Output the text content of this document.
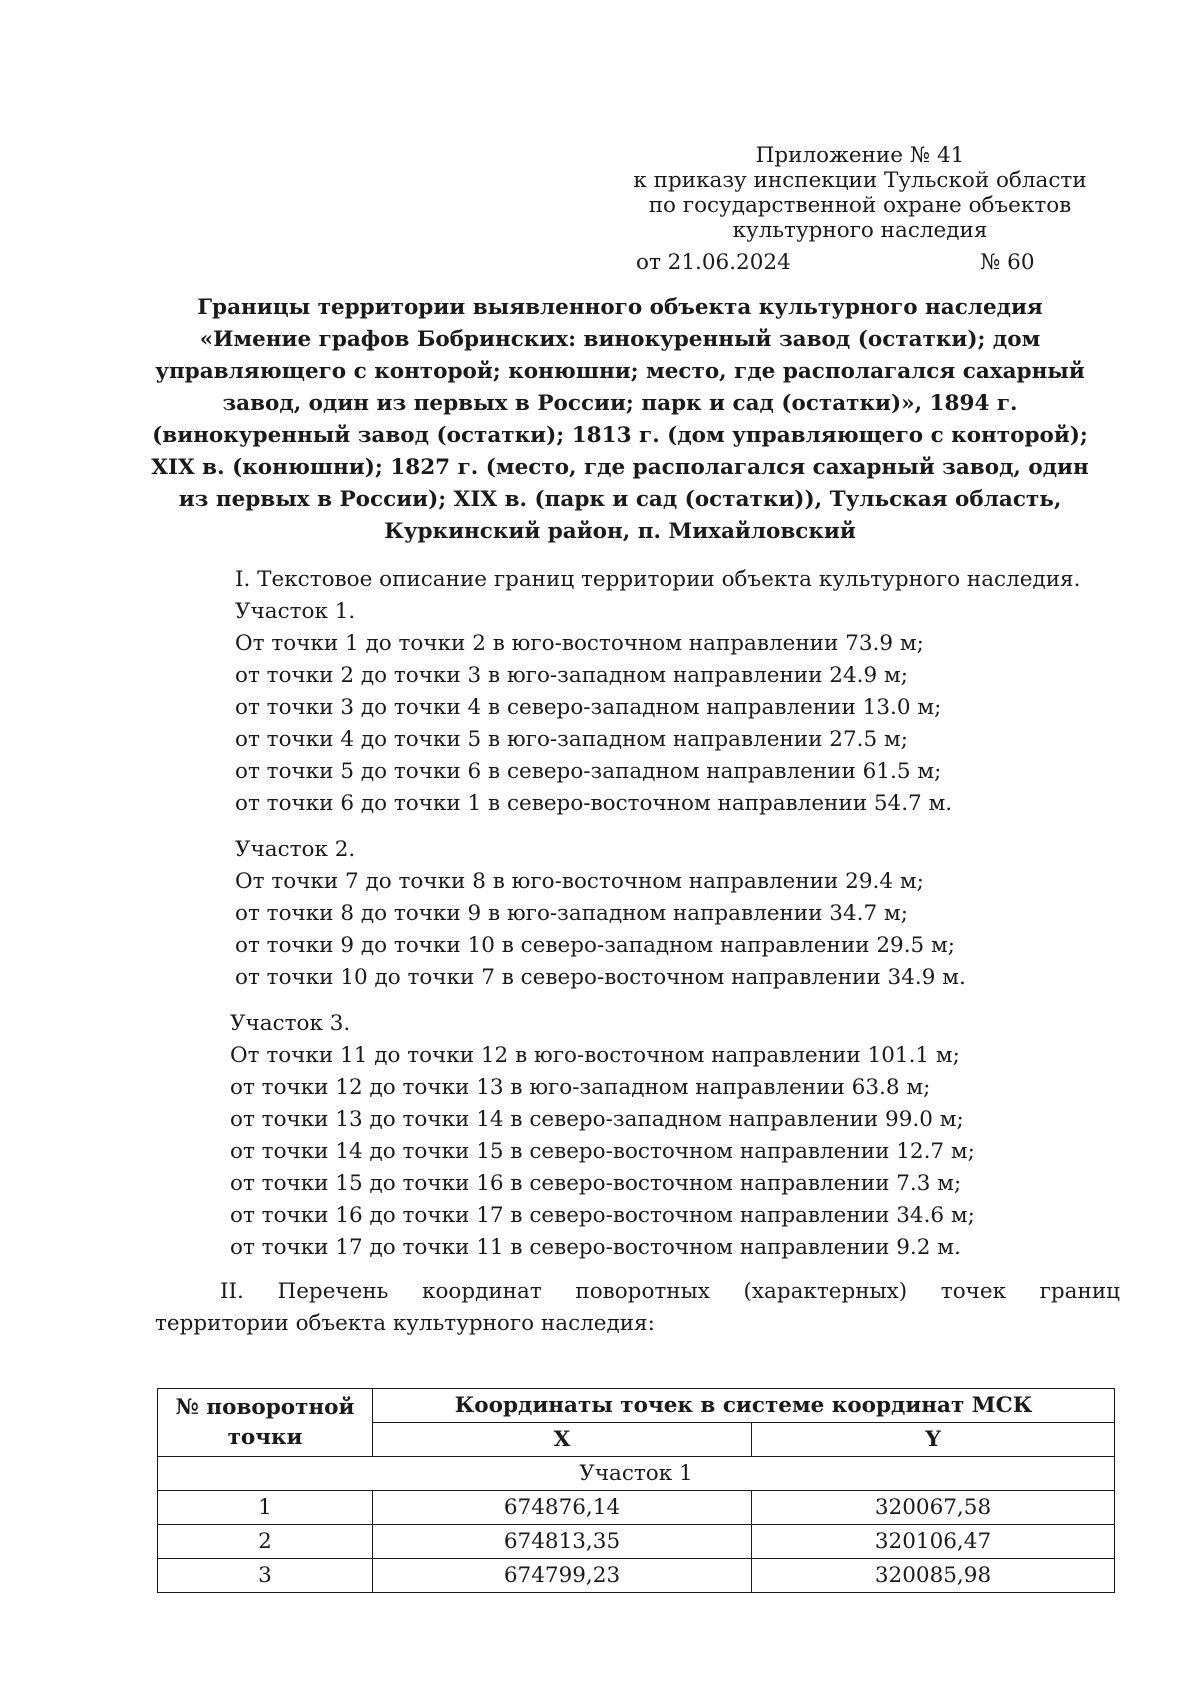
Приложение № 41
к приказу инспекции Тульской области
по государственной охране объектов
культурного наследия
от 21.06.2024	№ 60
Границы территории выявленного объекта культурного наследия
«Имение графов Бобринских: винокуренный завод (остатки); дом
управляющего с конторой; конюшни; место, где располагался сахарный
завод, один из первых в России; парк и сад (остатки)», 1894 г.
(винокуренный завод (остатки); 1813 г. (дом управляющего с конторой);
XIX в. (конюшни); 1827 г. (место, где располагался сахарный завод, один
из первых в России); XIX в. (парк и сад (остатки)), Тульская область,
Куркинский район, п. Михайловский
I. Текстовое описание границ территории объекта культурного наследия.
Участок 1.
От точки 1 до точки 2 в юго-восточном направлении 73.9 м;
от точки 2 до точки 3 в юго-западном направлении 24.9 м;
от точки 3 до точки 4 в северо-западном направлении 13.0 м;
от точки 4 до точки 5 в юго-западном направлении 27.5 м;
от точки 5 до точки 6 в северо-западном направлении 61.5 м;
от точки 6 до точки 1 в северо-восточном направлении 54.7 м.
Участок 2.
От точки 7 до точки 8 в юго-восточном направлении 29.4 м;
от точки 8 до точки 9 в юго-западном направлении 34.7 м;
от точки 9 до точки 10 в северо-западном направлении 29.5 м;
от точки 10 до точки 7 в северо-восточном направлении 34.9 м.
Участок 3.
От точки 11 до точки 12 в юго-восточном направлении 101.1 м;
от точки 12 до точки 13 в юго-западном направлении 63.8 м;
от точки 13 до точки 14 в северо-западном направлении 99.0 м;
от точки 14 до точки 15 в северо-восточном направлении 12.7 м;
от точки 15 до точки 16 в северо-восточном направлении 7.3 м;
от точки 16 до точки 17 в северо-восточном направлении 34.6 м;
от точки 17 до точки 11 в северо-восточном направлении 9.2 м.
II. Перечень координат поворотных (характерных) точек границ
территории объекта культурного наследия:
№ поворотной точки	Координаты точек в системе координат МСК	
	X	Y
Участок 1		
1	674876,14	320067,58
2	674813,35	320106,47
3	674799,23	320085,98
